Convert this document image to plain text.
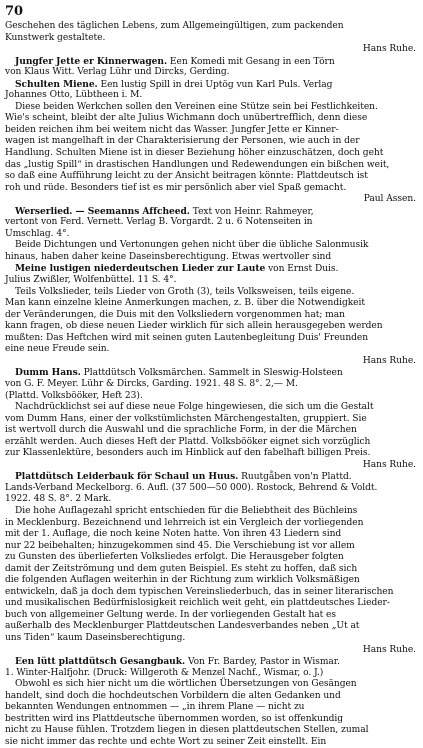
70
Geschehen des täglichen Lebens, zum Allgemeingültigen, zum packenden
Kunstwerk gestaltete.
Hans Ruhe.
Jungfer Jette er Kinnerwagen. Een Komedi mit Gesang in een Törn
von Klaus Witt. Verlag Lühr und Dircks, Gerding.
Schulten Miene. Een lustig Spill in drei Uptög vun Karl Puls. Verlag
Johannes Otto, Lübtheen i. M.
Diese beiden Werkchen sollen den Vereinen eine Stütze sein bei Festlichkeiten.
Wie's scheint, bleibt der alte Julius Wichmann doch unübertrefflich, denn diese
beiden reichen ihm bei weitem nicht das Wasser. Jungfer Jette er Kinner-
wagen ist mangelhaft in der Charakterisierung der Personen, wie auch in der
Handlung. Schulten Miene ist in dieser Beziehung höher einzuschätzen, doch geht
das „lustig Spill“ in drastischen Handlungen und Redewendungen ein bißchen weit,
so daß eine Aufführung leicht zu der Ansicht beitragen könnte: Plattdeutsch ist
roh und rüde. Besonders tief ist es mir persönlich aber viel Spaß gemacht.
Paul Assen.
Werserlied. — Seemanns Affcheed. Text von Heinr. Rahmeyer,
vertont von Ferd. Vernett. Verlag B. Vorgardt. 2 u. 6 Notenseiten in
Umschlag. 4°.
Beide Dichtungen und Vertonungen gehen nicht über die übliche Salonmusik
hinaus, haben daher keine Daseinsberechtigung. Etwas wertvoller sind
Meine lustigen niederdeutschen Lieder zur Laute von Ernst Duis.
Julius Zwißler, Wolfenbüttel. 11 S. 4°.
Teils Volkslieder, teils Lieder von Groth (3), teils Volksweisen, teils eigene.
Man kann einzelne kleine Anmerkungen machen, z. B. über die Notwendigkeit
der Veränderungen, die Duis mit den Volksliedern vorgenommen hat; man
kann fragen, ob diese neuen Lieder wirklich für sich allein herausgegeben werden
mußten: Das Heftchen wird mit seinen guten Lautenbegleitung Duis' Freunden
eine neue Freude sein.
Hans Ruhe.
Dumm Hans. Plattdütsch Volksmärchen. Sammelt in Sleswig-Holsteen
von G. F. Meyer. Lühr & Dircks, Garding. 1921. 48 S. 8°. 2,— M.
(Plattd. Volksbööker, Heft 23).
Nachdrücklichst sei auf diese neue Folge hingewiesen, die sich um die Gestalt
vom Dumm Hans, einer der volkstümlichsten Märchengestalten, gruppiert. Sie
ist wertvoll durch die Auswahl und die sprachliche Form, in der die Märchen
erzählt werden. Auch dieses Heft der Plattd. Volksbööker eignet sich vorzüglich
zur Klassenlektüre, besonders auch im Hinblick auf den fabelhaft billigen Preis.
Hans Ruhe.
Plattdütsch Leiderbauk för Schaul un Huus. Ruutgåben von'n Plattd.
Lands-Verband Meckelborg. 6. Aufl. (37 500—50 000). Rostock, Behrend & Voldt.
1922. 48 S. 8°. 2 Mark.
Die hohe Auflagezahl spricht entschieden für die Beliebtheit des Büchleins
in Mecklenburg. Bezeichnend und lehrreich ist ein Vergleich der vorliegenden
mit der 1. Auflage, die noch keine Noten hatte. Von ihren 43 Liedern sind
nur 22 beibehalten; hinzugekommen sind 45. Die Verschiebung ist vor allem
zu Gunsten des überlieferten Volksliedes erfolgt. Die Herausgeber folgten
damit der Zeitströmung und dem guten Beispiel. Es steht zu hoffen, daß sich
die folgenden Auflagen weiterhin in der Richtung zum wirklich Volksmäßigen
entwickeln, daß ja doch dem typischen Vereinsliederbuch, das in seiner literarischen
und musikalischen Bedürfnislosigkeit reichlich weit geht, ein plattdeutsches Lieder-
buch von allgemeiner Geltung werde. In der vorliegenden Gestalt hat es
außerhalb des Mecklenburger Plattdeutschen Landesverbandes neben „Ut at
uns Tiden“ kaum Daseinsberechtigung.
Hans Ruhe.
Een lütt plattdütsch Gesangbauk. Von Fr. Bardey, Pastor in Wismar.
1. Winter-Halfjohr. (Druck: Willgeroth & Menzel Nachf., Wismar, o. J.)
Obwohl es sich hier nicht um die wörtlichen Übersetzungen von Gesängen
handelt, sind doch die hochdeutschen Vorbildern die alten Gedanken und
bekannten Wendungen entnommen — „in ihrem Plane — nicht zu
bestritten wird ins Plattdeutsche übernommen worden, so ist offenkundig
nicht zu Hause fühlen. Trotzdem liegen in diesen plattdeutschen Stellen, zumal
sie nicht immer das rechte und echte Wort zu seiner Zeit einstellt. Ein
